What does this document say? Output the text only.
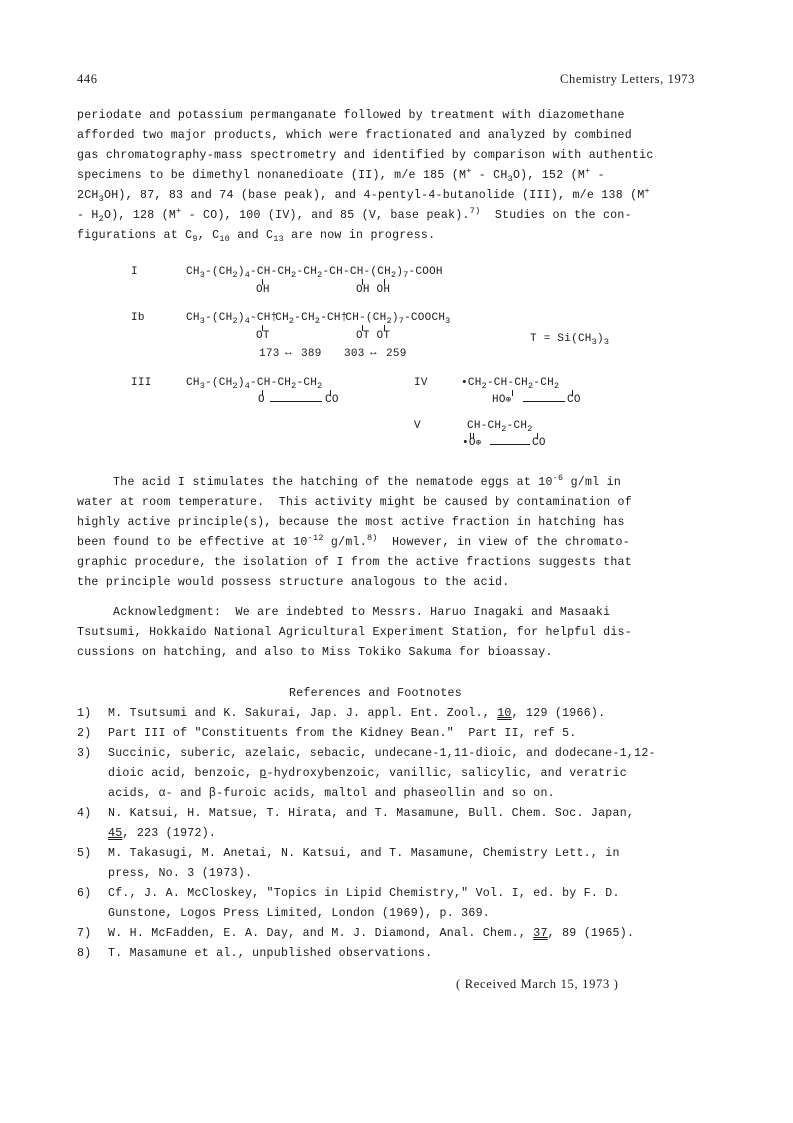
446	Chemistry Letters, 1973
periodate and potassium permanganate followed by treatment with diazomethane
afforded two major products, which were fractionated and analyzed by combined
gas chromatography-mass spectrometry and identified by comparison with authentic
specimens to be dimethyl nonanedioate (II), m/e 185 $(M^+ - CH_3O)$, 152 (M+ -
$2CH_3OH$), 87, 83 and 74 (base peak), and 4-pentyl-4-butanolide (III), m/e 138 (M+
- $H_2O$), 128 (M+ - CO), 100 (IV), and 85 (V, base peak).$^{7)}$  Studies on the con-
figurations at $C_9$, $C_{10}$ and $C_{13}$ are now in progress.
I	$CH_3-(CH_2)_4-CH-CH_2-CH_2-CH-CH-(CH_2)_7$-COOH
OH	OH OH
Ib	$CH_3-(CH_2)_4-CH\dagger CH_2-CH_2-CH\dagger CH-(CH_2)_7-COOCH_3$
OT	OT OT
173 ↔ 389 303 ↔ 259
$T = Si(CH_3)_3$
III	$CH_3-(CH_2)_4-CH-CH_2-CH_2$
O	CO
IV	$•CH_2-CH-CH_2-CH_2$
HO⊕	CO
V	$CH-CH_2-CH_2$
•O⊕	CO
The acid I stimulates the hatching of the nematode eggs at $10^{-6}$ g/ml in
water at room temperature.  This activity might be caused by contamination of
highly active principle(s), because the most active fraction in hatching has
been found to be effective at $10^{-12}$ g/ml.$^{8)}$  However, in view of the chromato-
graphic procedure, the isolation of I from the active fractions suggests that
the principle would possess structure analogous to the acid.
Acknowledgment:  We are indebted to Messrs. Haruo Inagaki and Masaaki
Tsutsumi, Hokkaido National Agricultural Experiment Station, for helpful dis-
cussions on hatching, and also to Miss Tokiko Sakuma for bioassay.
References and Footnotes
1) M. Tsutsumi and K. Sakurai, Jap. J. appl. Ent. Zool., 10, 129 (1966).
2) Part III of "Constituents from the Kidney Bean."  Part II, ref 5.
3) Succinic, suberic, azelaic, sebacic, undecane-1,11-dioic, and dodecane-1,12-
dioic acid, benzoic, p-hydroxybenzoic, vanillic, salicylic, and veratric
acids, α- and β-furoic acids, maltol and phaseollin and so on.
4) N. Katsui, H. Matsue, T. Hirata, and T. Masamune, Bull. Chem. Soc. Japan,
45, 223 (1972).
5) M. Takasugi, M. Anetai, N. Katsui, and T. Masamune, Chemistry Lett., in
press, No. 3 (1973).
6) Cf., J. A. McCloskey, "Topics in Lipid Chemistry," Vol. I, ed. by F. D.
Gunstone, Logos Press Limited, London (1969), p. 369.
7) W. H. McFadden, E. A. Day, and M. J. Diamond, Anal. Chem., 37, 89 (1965).
8) T. Masamune et al., unpublished observations.
( Received March 15, 1973 )
